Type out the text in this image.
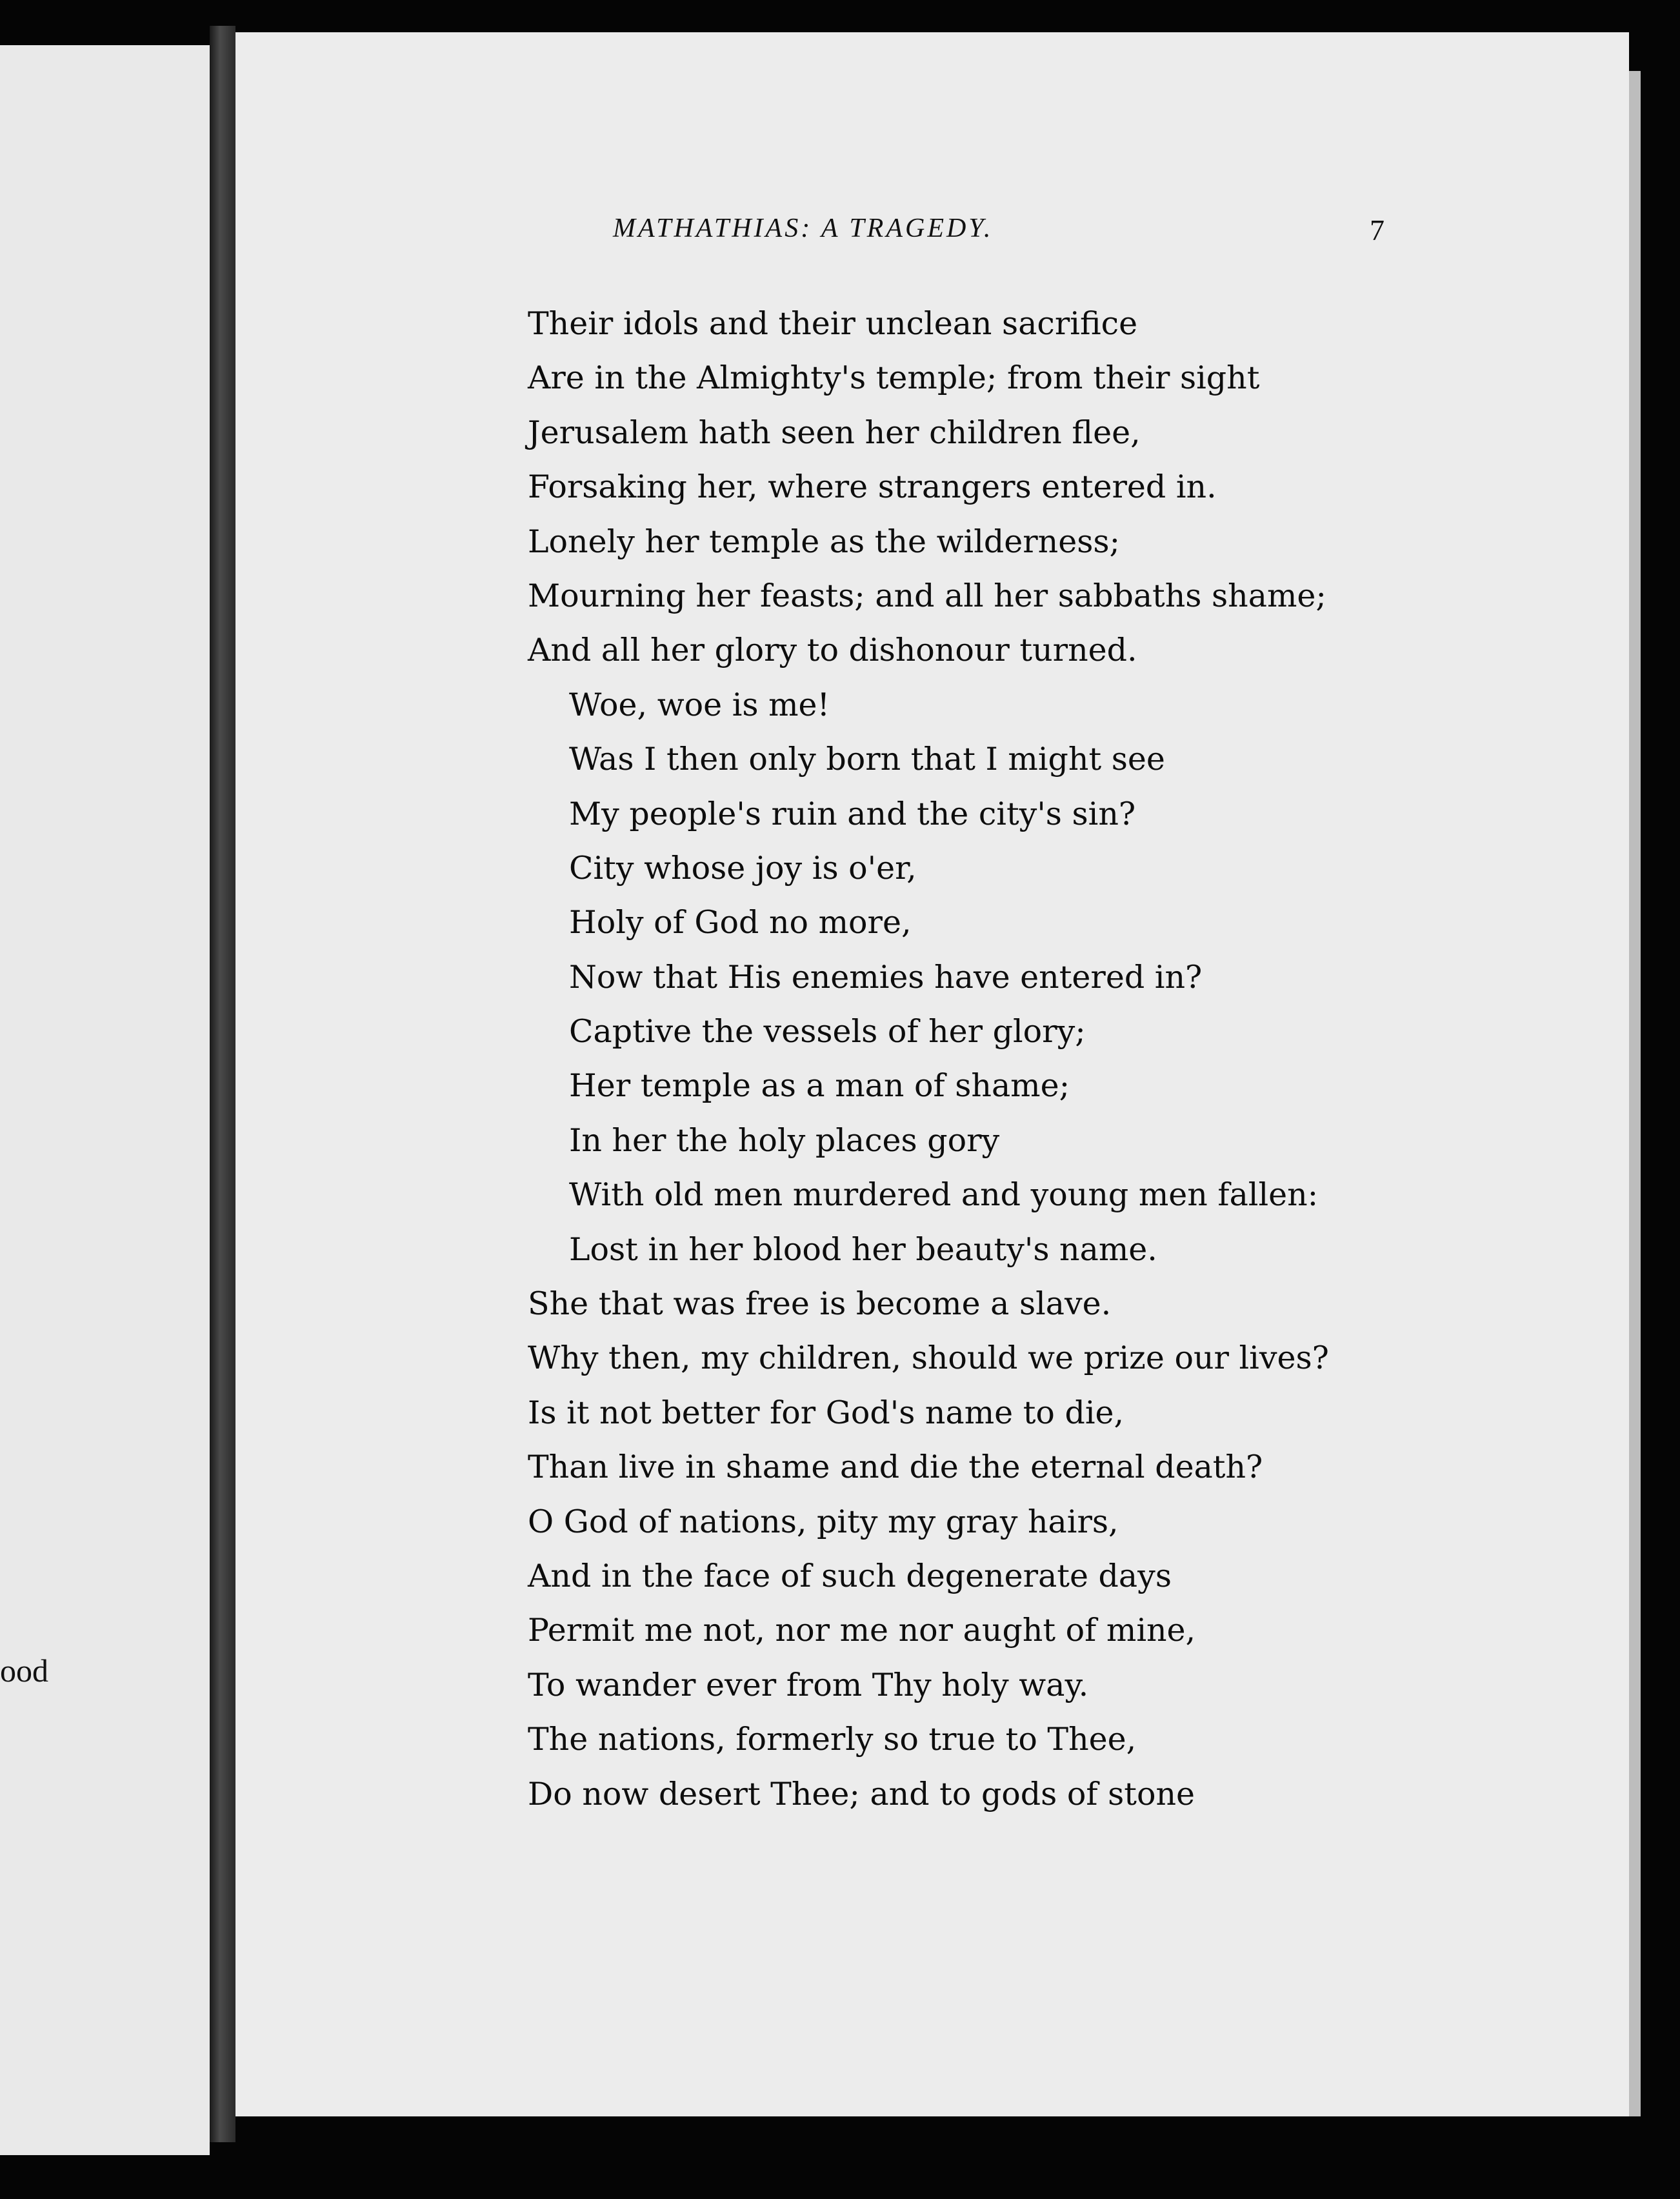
ood
MATHATHIAS: A TRAGEDY.	7
Their idols and their unclean sacrifice
Are in the Almighty's temple; from their sight
Jerusalem hath seen her children flee,
Forsaking her, where strangers entered in.
Lonely her temple as the wilderness;
Mourning her feasts; and all her sabbaths shame;
And all her glory to dishonour turned.
Woe, woe is me!
Was I then only born that I might see
My people's ruin and the city's sin?
City whose joy is o'er,
Holy of God no more,
Now that His enemies have entered in?
Captive the vessels of her glory;
Her temple as a man of shame;
In her the holy places gory
With old men murdered and young men fallen:
Lost in her blood her beauty's name.
She that was free is become a slave.
Why then, my children, should we prize our lives?
Is it not better for God's name to die,
Than live in shame and die the eternal death?
O God of nations, pity my gray hairs,
And in the face of such degenerate days
Permit me not, nor me nor aught of mine,
To wander ever from Thy holy way.
The nations, formerly so true to Thee,
Do now desert Thee; and to gods of stone
